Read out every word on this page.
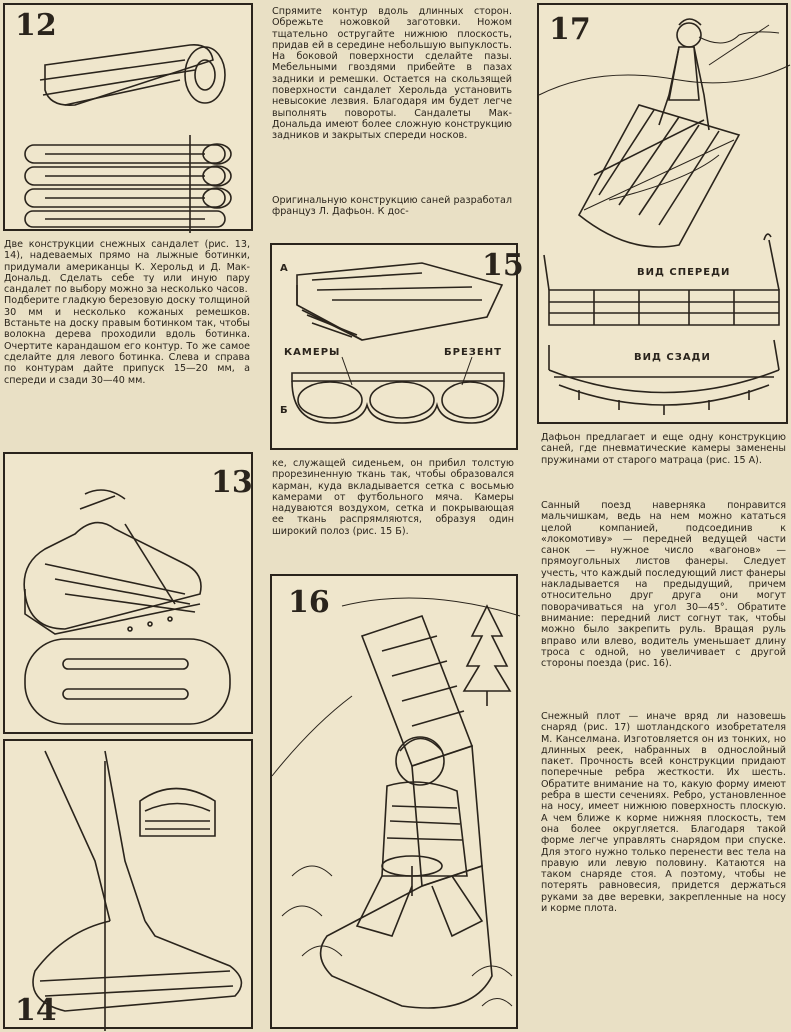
12
Две конструкции снежных сандалет (рис. 13, 14), надеваемых прямо на лыжные ботинки, придумали американцы К. Херольд и Д. Мак-Дональд. Сделать себе ту или иную пару сандалет по выбору можно за несколько часов.
Подберите гладкую березовую доску толщиной 30 мм и несколько кожаных ремешков. Встаньте на доску правым ботинком так, чтобы волокна дерева проходили вдоль ботинка. Очертите карандашом его контур. То же самое сделайте для левого ботинка. Слева и справа по контурам дайте припуск 15—20 мм, а спереди и сзади 30—40 мм.
13
14
Спрямите контур вдоль длинных сторон. Обрежьте ножовкой заготовки. Ножом тщательно остругайте нижнюю плоскость, придав ей в середине небольшую выпуклость. На боковой поверхности сделайте пазы. Мебельными гвоздями прибейте в пазах задники и ремешки. Остается на скользящей поверхности сандалет Херольда установить невысокие лезвия. Благодаря им будет легче выполнять повороты. Сандалеты Мак-Дональда имеют более сложную конструкцию задников и закрытых спереди носков.
Оригинальную конструкцию саней разработал француз Л. Дафьон. К дос-
15
А
Б
КАМЕРЫ	БРЕЗЕНТ
ке, служащей сиденьем, он прибил толстую прорезиненную ткань так, чтобы образовался карман, куда вкладывается сетка с восьмью камерами от футбольного мяча. Камеры надуваются воздухом, сетка и покрывающая ее ткань распрямляются, образуя один широкий полоз (рис. 15 Б).
16
17
ВИД СПЕРЕДИ
ВИД СЗАДИ
Дафьон предлагает и еще одну конструкцию саней, где пневматические камеры заменены пружинами от старого матраца (рис. 15 А).
Санный поезд наверняка понравится мальчишкам, ведь на нем можно кататься целой компанией, подсоединив к «локомотиву» — передней ведущей части санок — нужное число «вагонов» — прямоугольных листов фанеры. Следует учесть, что каждый последующий лист фанеры накладывается на предыдущий, причем относительно друг друга они могут поворачиваться на угол 30—45°. Обратите внимание: передний лист согнут так, чтобы можно было закрепить руль. Вращая руль вправо или влево, водитель уменьшает длину троса с одной, но увеличивает с другой стороны поезда (рис. 16).
Снежный плот — иначе вряд ли назовешь снаряд (рис. 17) шотландского изобретателя М. Канселмана. Изготовляется он из тонких, но длинных реек, набранных в однослойный пакет. Прочность всей конструкции придают поперечные ребра жесткости. Их шесть. Обратите внимание на то, какую форму имеют ребра в шести сечениях. Ребро, установленное на носу, имеет нижнюю поверхность плоскую. А чем ближе к корме нижняя плоскость, тем она более округляется. Благодаря такой форме легче управлять снарядом при спуске. Для этого нужно только перенести вес тела на правую или левую половину. Катаются на таком снаряде стоя. А поэтому, чтобы не потерять равновесия, придется держаться руками за две веревки, закрепленные на носу и корме плота.
